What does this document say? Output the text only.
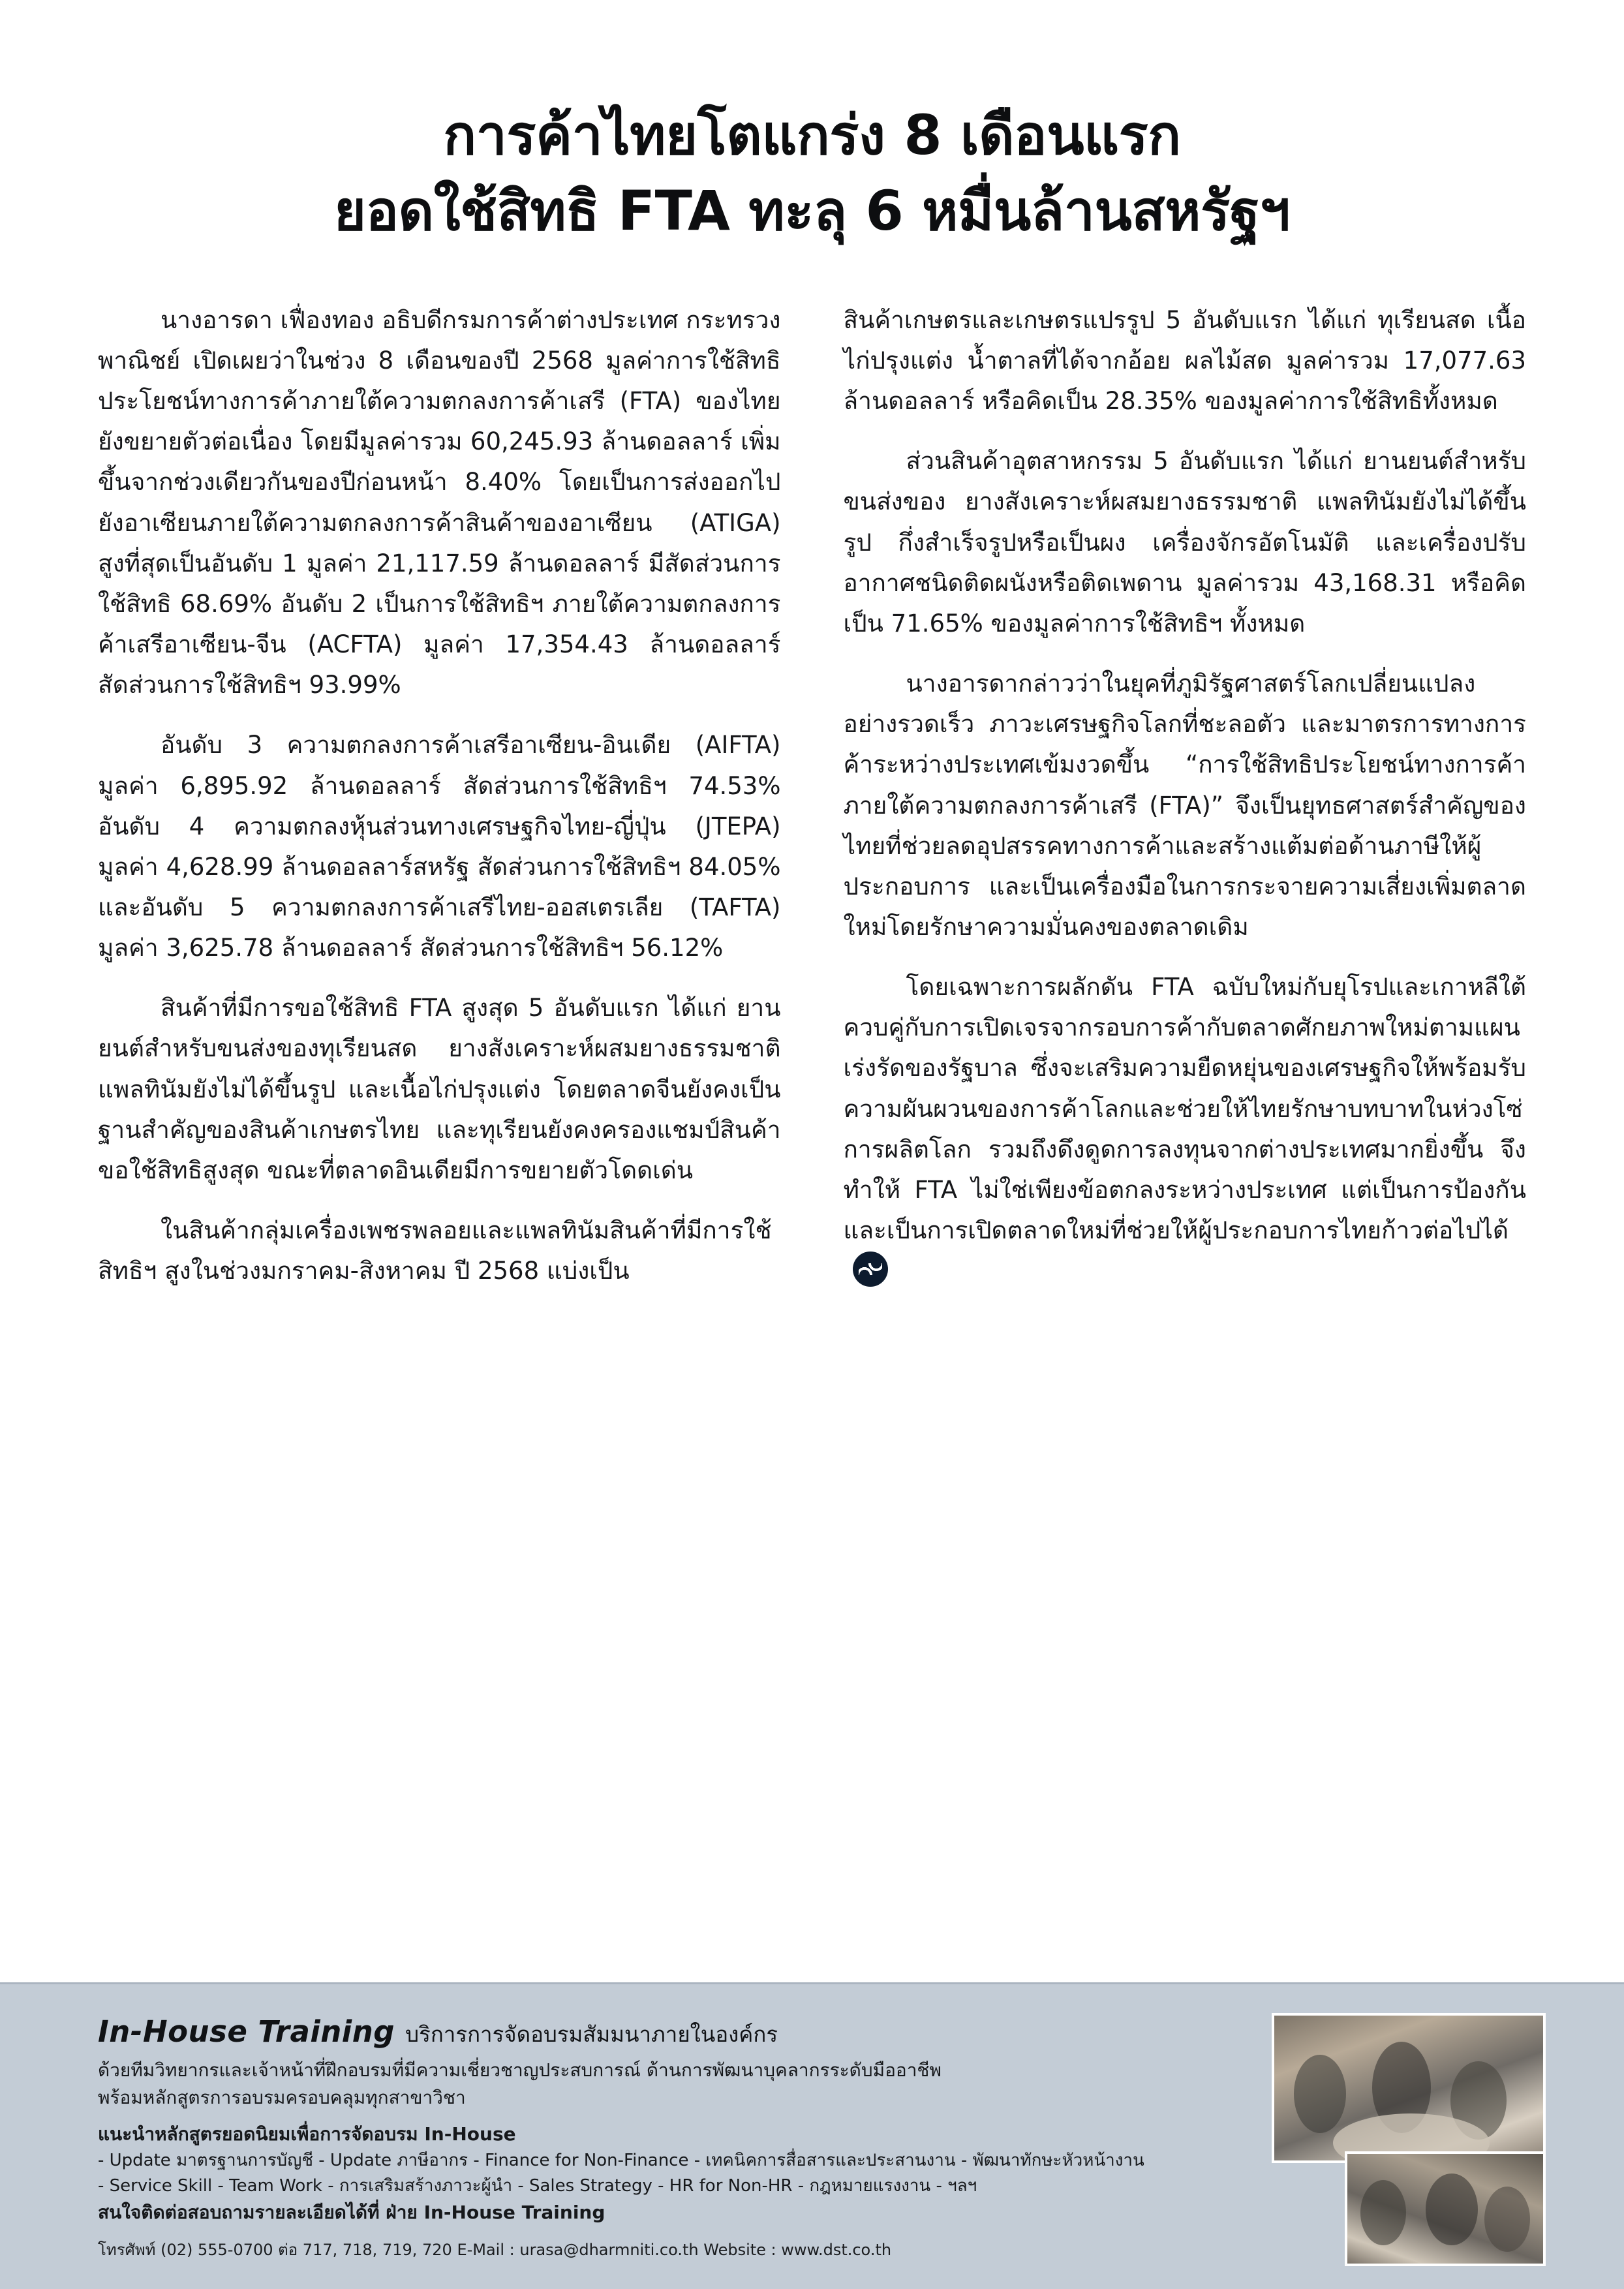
การค้าไทยโตแกร่ง 8 เดือนแรก
ยอดใช้สิทธิ FTA ทะลุ 6 หมื่นล้านสหรัฐฯ

นางอารดา เฟื่องทอง อธิบดีกรมการค้าต่างประเทศ กระทรวงพาณิชย์ เปิดเผยว่าในช่วง 8 เดือนของปี 2568 มูลค่าการใช้สิทธิประโยชน์ทางการค้าภายใต้ความตกลงการค้าเสรี (FTA) ของไทยยังขยายตัวต่อเนื่อง โดยมีมูลค่ารวม 60,245.93 ล้านดอลลาร์ เพิ่มขึ้นจากช่วงเดียวกันของปีก่อนหน้า 8.40% โดยเป็นการส่งออกไปยังอาเซียนภายใต้ความตกลงการค้าสินค้าของอาเซียน (ATIGA) สูงที่สุดเป็นอันดับ 1 มูลค่า 21,117.59 ล้านดอลลาร์ มีสัดส่วนการใช้สิทธิ 68.69% อันดับ 2 เป็นการใช้สิทธิฯ ภายใต้ความตกลงการค้าเสรีอาเซียน-จีน (ACFTA) มูลค่า 17,354.43 ล้านดอลลาร์ สัดส่วนการใช้สิทธิฯ 93.99%

อันดับ 3 ความตกลงการค้าเสรีอาเซียน-อินเดีย (AIFTA) มูลค่า 6,895.92 ล้านดอลลาร์ สัดส่วนการใช้สิทธิฯ 74.53% อันดับ 4 ความตกลงหุ้นส่วนทางเศรษฐกิจไทย-ญี่ปุ่น (JTEPA) มูลค่า 4,628.99 ล้านดอลลาร์สหรัฐ สัดส่วนการใช้สิทธิฯ 84.05% และอันดับ 5 ความตกลงการค้าเสรีไทย-ออสเตรเลีย (TAFTA) มูลค่า 3,625.78 ล้านดอลลาร์ สัดส่วนการใช้สิทธิฯ 56.12%

สินค้าที่มีการขอใช้สิทธิ FTA สูงสุด 5 อันดับแรก ได้แก่ ยานยนต์สำหรับขนส่งของทุเรียนสด ยางสังเคราะห์ผสมยางธรรมชาติ แพลทินัมยังไม่ได้ขึ้นรูป และเนื้อไก่ปรุงแต่ง โดยตลาดจีนยังคงเป็นฐานสำคัญของสินค้าเกษตรไทย และทุเรียนยังคงครองแชมป์สินค้าขอใช้สิทธิสูงสุด ขณะที่ตลาดอินเดียมีการขยายตัวโดดเด่น

ในสินค้ากลุ่มเครื่องเพชรพลอยและแพลทินัมสินค้าที่มีการใช้สิทธิฯ สูงในช่วงมกราคม-สิงหาคม ปี 2568 แบ่งเป็น

สินค้าเกษตรและเกษตรแปรรูป 5 อันดับแรก ได้แก่ ทุเรียนสด เนื้อไก่ปรุงแต่ง น้ำตาลที่ได้จากอ้อย ผลไม้สด มูลค่ารวม 17,077.63 ล้านดอลลาร์ หรือคิดเป็น 28.35% ของมูลค่าการใช้สิทธิทั้งหมด

ส่วนสินค้าอุตสาหกรรม 5 อันดับแรก ได้แก่ ยานยนต์สำหรับขนส่งของ ยางสังเคราะห์ผสมยางธรรมชาติ แพลทินัมยังไม่ได้ขึ้นรูป กึ่งสำเร็จรูปหรือเป็นผง เครื่องจักรอัตโนมัติ และเครื่องปรับอากาศชนิดติดผนังหรือติดเพดาน มูลค่ารวม 43,168.31 หรือคิดเป็น 71.65% ของมูลค่าการใช้สิทธิฯ ทั้งหมด

นางอารดากล่าวว่าในยุคที่ภูมิรัฐศาสตร์โลกเปลี่ยนแปลงอย่างรวดเร็ว ภาวะเศรษฐกิจโลกที่ชะลอตัว และมาตรการทางการค้าระหว่างประเทศเข้มงวดขึ้น “การใช้สิทธิประโยชน์ทางการค้าภายใต้ความตกลงการค้าเสรี (FTA)” จึงเป็นยุทธศาสตร์สำคัญของไทยที่ช่วยลดอุปสรรคทางการค้าและสร้างแต้มต่อด้านภาษีให้ผู้ประกอบการ และเป็นเครื่องมือในการกระจายความเสี่ยงเพิ่มตลาดใหม่โดยรักษาความมั่นคงของตลาดเดิม

โดยเฉพาะการผลักดัน FTA ฉบับใหม่กับยุโรปและเกาหลีใต้ ควบคู่กับการเปิดเจรจากรอบการค้ากับตลาดศักยภาพใหม่ตามแผนเร่งรัดของรัฐบาล ซึ่งจะเสริมความยืดหยุ่นของเศรษฐกิจให้พร้อมรับความผันผวนของการค้าโลกและช่วยให้ไทยรักษาบทบาทในห่วงโซ่การผลิตโลก รวมถึงดึงดูดการลงทุนจากต่างประเทศมากยิ่งขึ้น จึงทำให้ FTA ไม่ใช่เพียงข้อตกลงระหว่างประเทศ แต่เป็นการป้องกันและเป็นการเปิดตลาดใหม่ที่ช่วยให้ผู้ประกอบการไทยก้าวต่อไปได้

In-House Training บริการการจัดอบรมสัมมนาภายในองค์กร

ด้วยทีมวิทยากรและเจ้าหน้าที่ฝึกอบรมที่มีความเชี่ยวชาญประสบการณ์ ด้านการพัฒนาบุคลากรระดับมืออาชีพ

พร้อมหลักสูตรการอบรมครอบคลุมทุกสาขาวิชา

แนะนำหลักสูตรยอดนิยมเพื่อการจัดอบรม In-House

- Update มาตรฐานการบัญชี - Update ภาษีอากร - Finance for Non-Finance - เทคนิคการสื่อสารและประสานงาน - พัฒนาทักษะหัวหน้างาน

- Service Skill - Team Work - การเสริมสร้างภาวะผู้นำ - Sales Strategy - HR for Non-HR - กฎหมายแรงงาน - ฯลฯ

สนใจติดต่อสอบถามรายละเอียดได้ที่ ฝ่าย In-House Training

โทรศัพท์ (02) 555-0700 ต่อ 717, 718, 719, 720 E-Mail : urasa@dharmniti.co.th Website : www.dst.co.th
